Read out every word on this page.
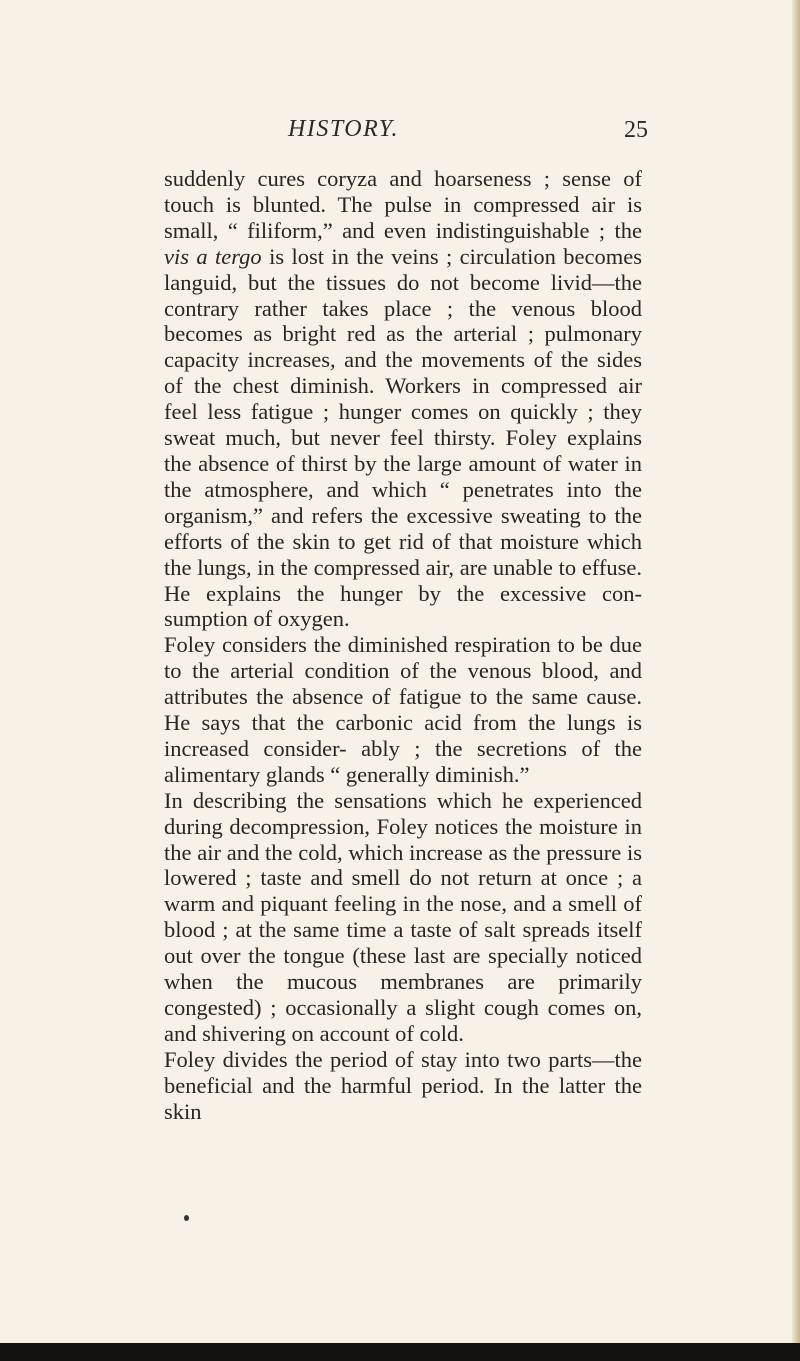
HISTORY.	25

suddenly cures coryza and hoarseness ; sense of touch is blunted. The pulse in compressed air is small, “ filiform,” and even indistinguishable ; the vis a tergo is lost in the veins ; circulation becomes languid, but the tissues do not become livid—the contrary rather takes place ; the venous blood becomes as bright red as the arterial ; pulmonary capacity increases, and the movements of the sides of the chest diminish. Workers in compressed air feel less fatigue ; hunger comes on quickly ; they sweat much, but never feel thirsty. Foley explains the absence of thirst by the large amount of water in the atmosphere, and which “ penetrates into the organism,” and refers the excessive sweating to the efforts of the skin to get rid of that moisture which the lungs, in the compressed air, are unable to effuse. He explains the hunger by the excessive con- sumption of oxygen.

Foley considers the diminished respiration to be due to the arterial condition of the venous blood, and attributes the absence of fatigue to the same cause. He says that the carbonic acid from the lungs is increased consider- ably ; the secretions of the alimentary glands “ generally diminish.”

In describing the sensations which he experienced during decompression, Foley notices the moisture in the air and the cold, which increase as the pressure is lowered ; taste and smell do not return at once ; a warm and piquant feeling in the nose, and a smell of blood ; at the same time a taste of salt spreads itself out over the tongue (these last are specially noticed when the mucous membranes are primarily congested) ; occasionally a slight cough comes on, and shivering on account of cold.

Foley divides the period of stay into two parts—the beneficial and the harmful period. In the latter the skin
